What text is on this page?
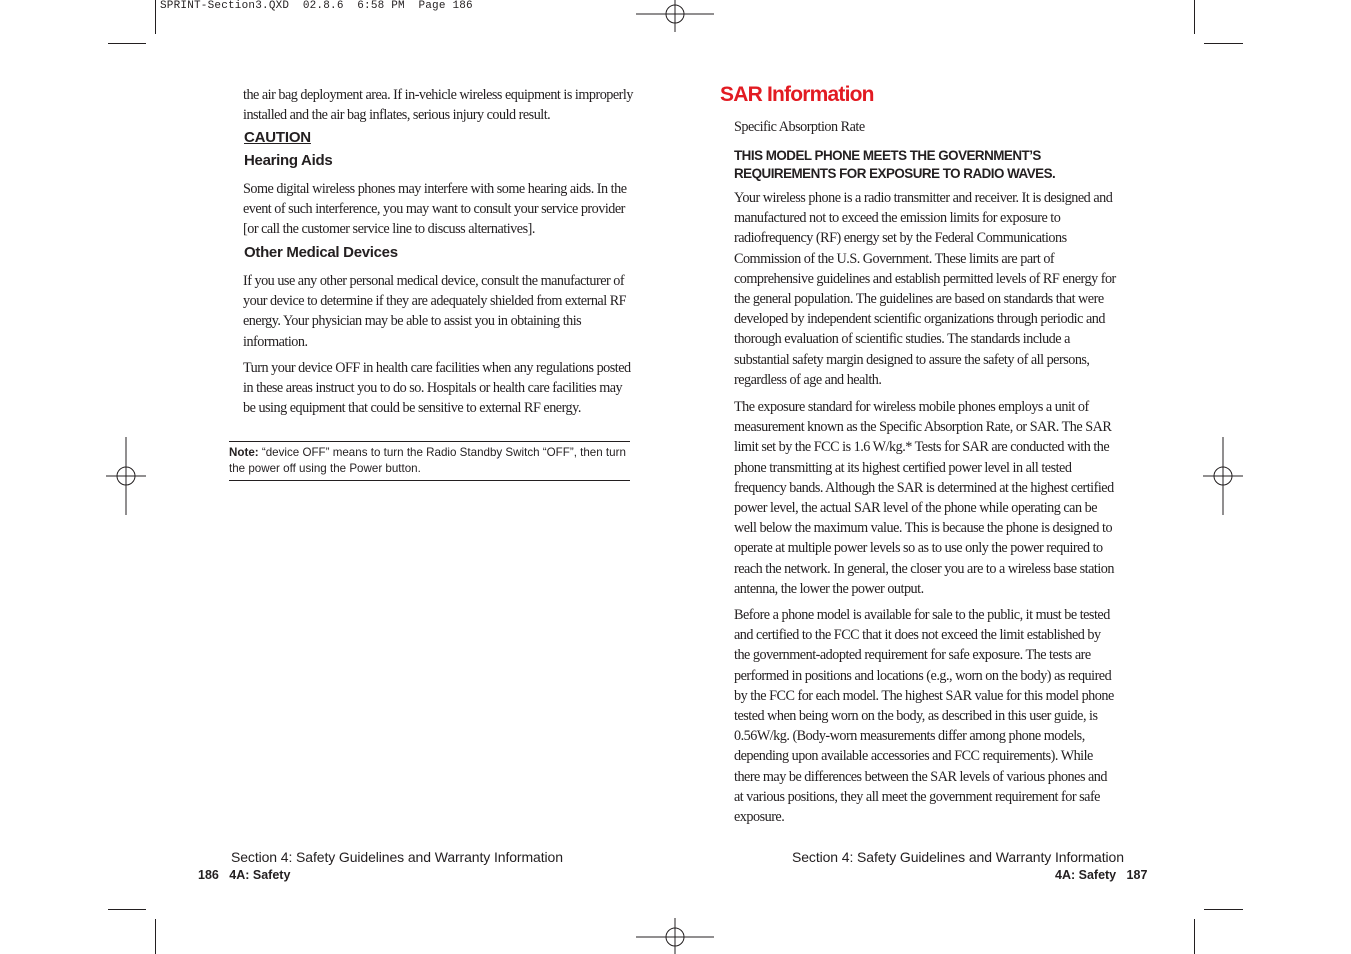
SPRINT-Section3.QXD  02.8.6  6:58 PM  Page 186

the air bag deployment area. If in-vehicle wireless equipment is improperly installed and the air bag inflates, serious injury could result.

CAUTION
Hearing Aids

Some digital wireless phones may interfere with some hearing aids. In the event of such interference, you may want to consult your service provider [or call the customer service line to discuss alternatives].

Other Medical Devices

If you use any other personal medical device, consult the manufacturer of your device to determine if they are adequately shielded from external RF energy. Your physician may be able to assist you in obtaining this information.

Turn your device OFF in health care facilities when any regulations posted in these areas instruct you to do so. Hospitals or health care facilities may be using equipment that could be sensitive to external RF energy.

Note: “device OFF” means to turn the Radio Standby Switch “OFF”, then turn the power off using the Power button.
Section 4: Safety Guidelines and Warranty Information
186   4A: Safety
SAR Information
Specific Absorption Rate
THIS MODEL PHONE MEETS THE GOVERNMENT’S
REQUIREMENTS FOR EXPOSURE TO RADIO WAVES.

Your wireless phone is a radio transmitter and receiver. It is designed and manufactured not to exceed the emission limits for exposure to radiofrequency (RF) energy set by the Federal Communications Commission of the U.S. Government. These limits are part of comprehensive guidelines and establish permitted levels of RF energy for the general population. The guidelines are based on standards that were developed by independent scientific organizations through periodic and thorough evaluation of scientific studies. The standards include a substantial safety margin designed to assure the safety of all persons, regardless of age and health.

The exposure standard for wireless mobile phones employs a unit of measurement known as the Specific Absorption Rate, or SAR. The SAR limit set by the FCC is 1.6 W/kg.* Tests for SAR are conducted with the phone transmitting at its highest certified power level in all tested frequency bands. Although the SAR is determined at the highest certified power level, the actual SAR level of the phone while operating can be well below the maximum value. This is because the phone is designed to operate at multiple power levels so as to use only the power required to reach the network. In general, the closer you are to a wireless base station antenna, the lower the power output.

Before a phone model is available for sale to the public, it must be tested and certified to the FCC that it does not exceed the limit established by the government-adopted requirement for safe exposure. The tests are performed in positions and locations (e.g., worn on the body) as required by the FCC for each model. The highest SAR value for this model phone tested when being worn on the body, as described in this user guide, is 0.56W/kg. (Body-worn measurements differ among phone models, depending upon available accessories and FCC requirements). While there may be differences between the SAR levels of various phones and at various positions, they all meet the government requirement for safe exposure.

Section 4: Safety Guidelines and Warranty Information
4A: Safety   187
